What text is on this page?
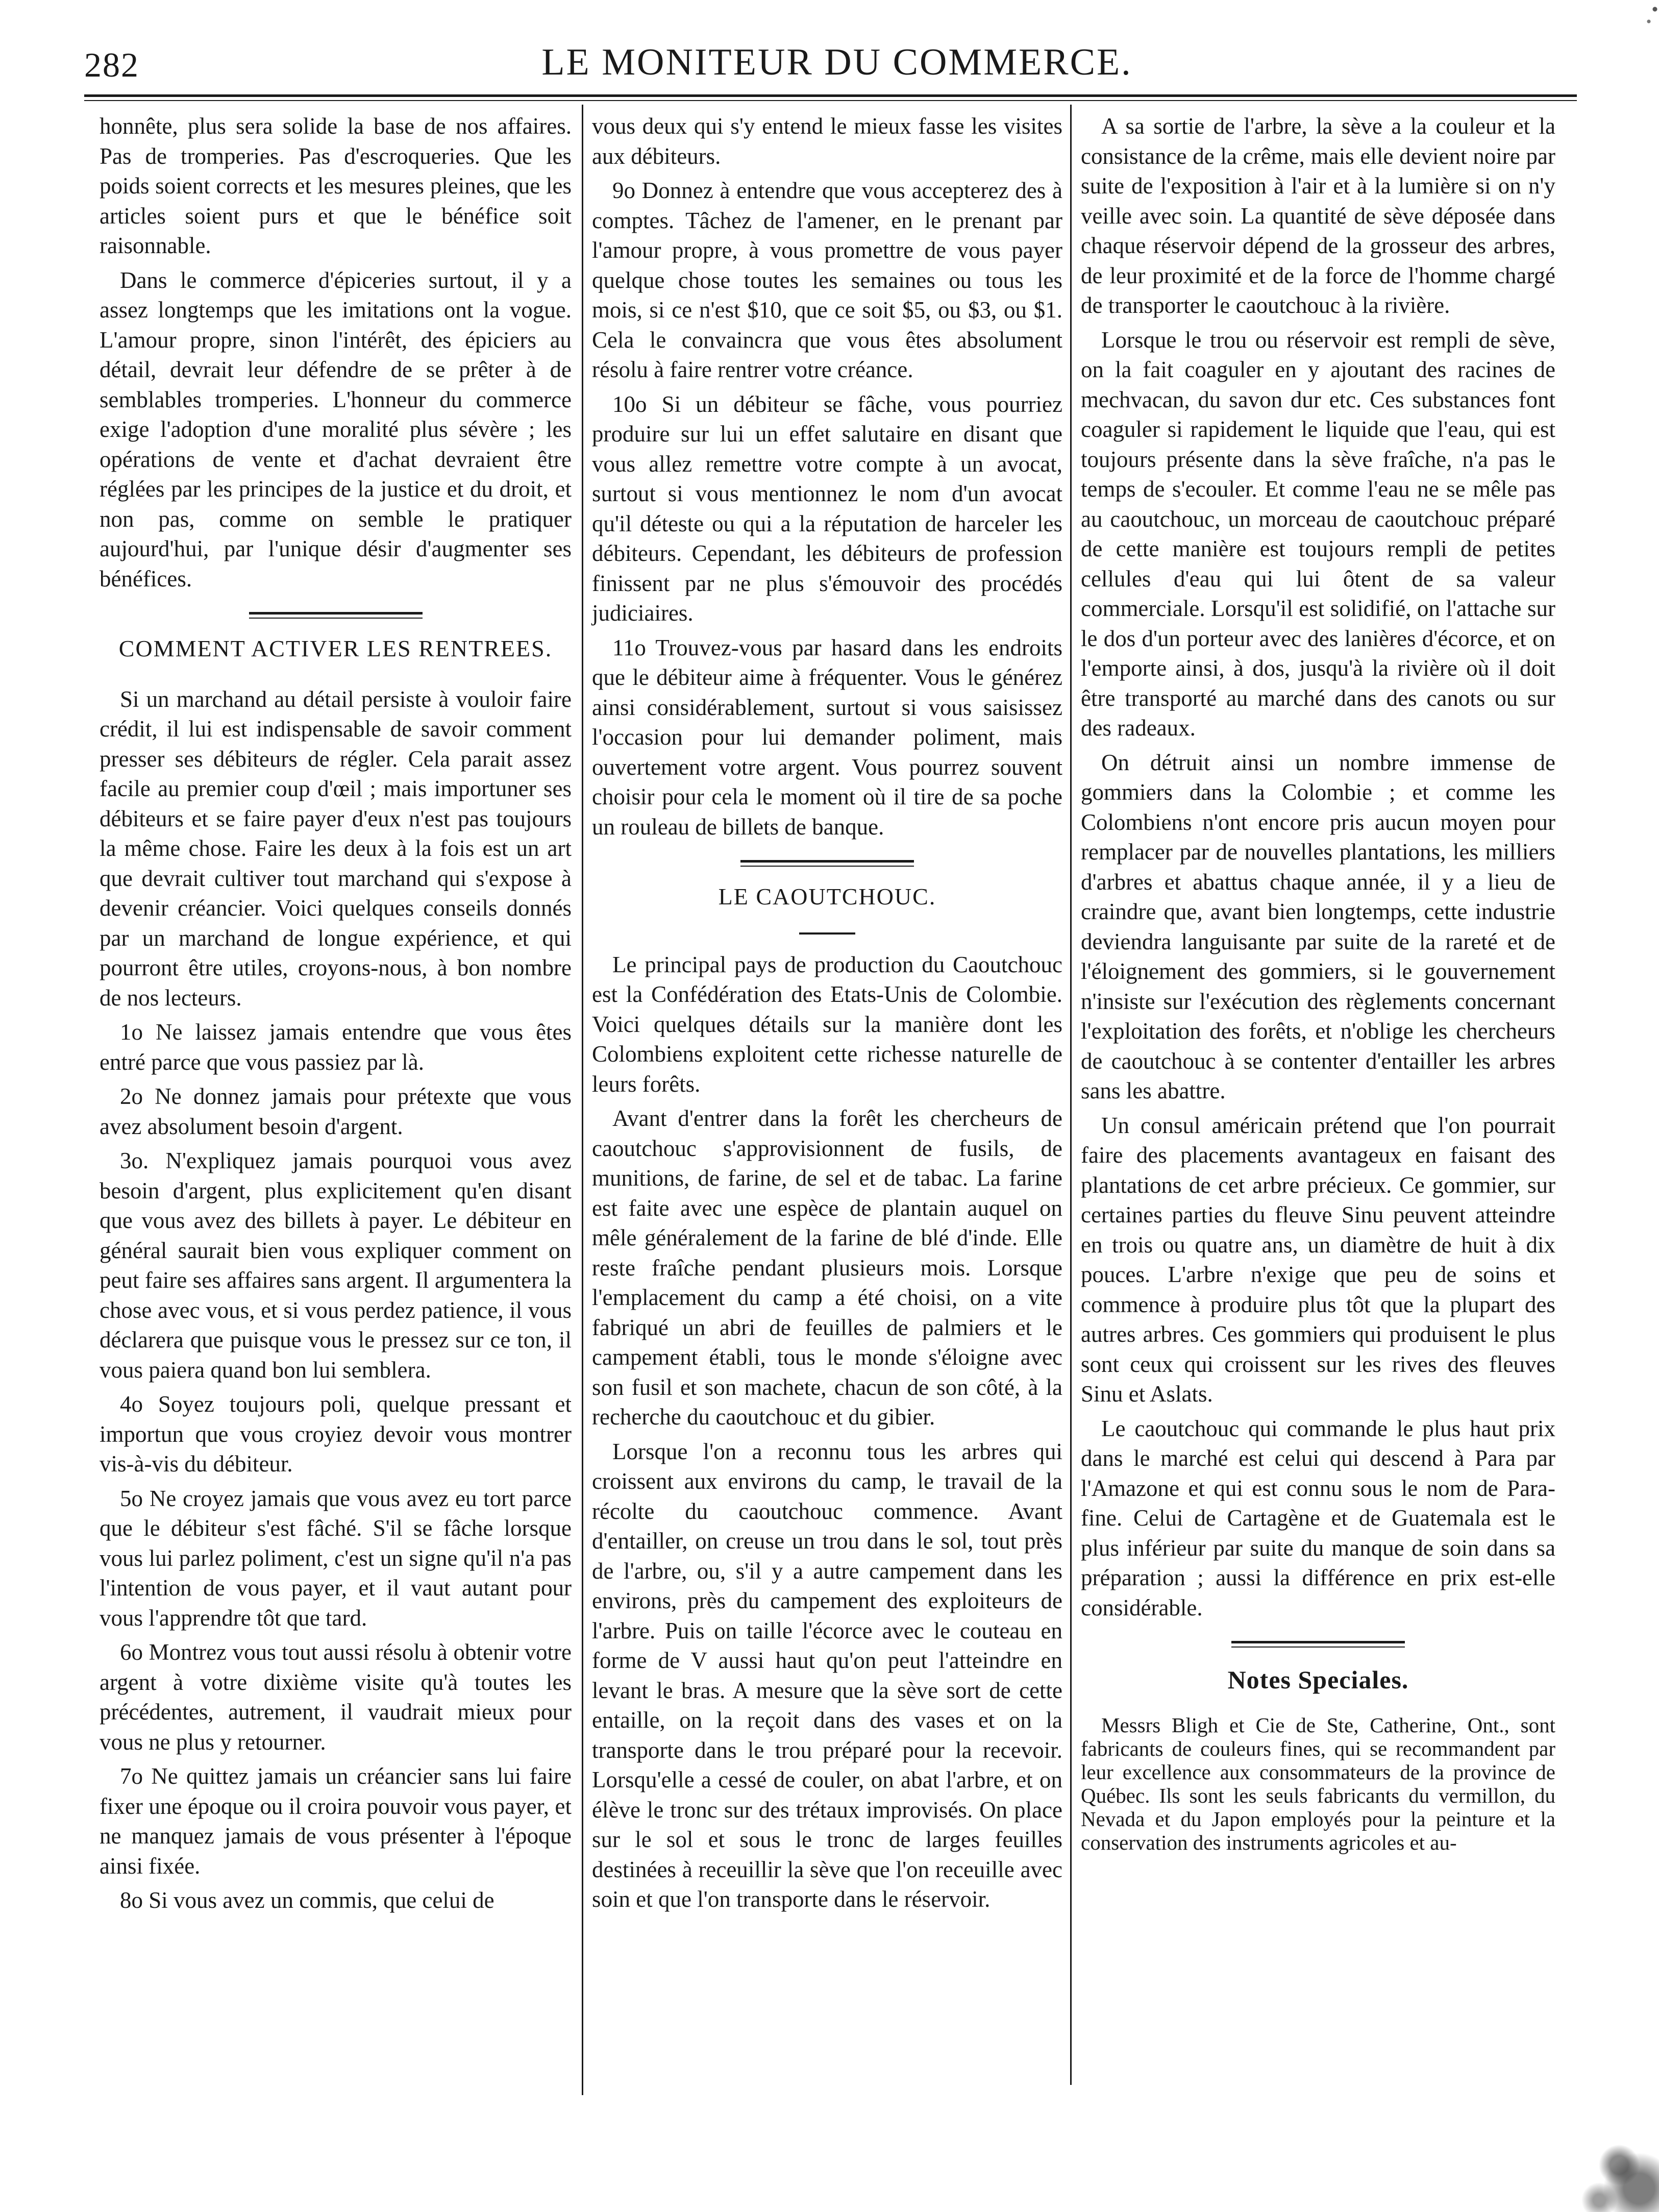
282	LE MONITEUR DU COMMERCE.

honnête, plus sera solide la base de nos affaires. Pas de tromperies. Pas d'escroqueries. Que les poids soient corrects et les mesures pleines, que les articles soient purs et que le bénéfice soit raisonnable.

Dans le commerce d'épiceries surtout, il y a assez longtemps que les imitations ont la vogue. L'amour propre, sinon l'intérêt, des épiciers au détail, devrait leur défendre de se prêter à de semblables tromperies. L'honneur du commerce exige l'adoption d'une moralité plus sévère ; les opérations de vente et d'achat devraient être réglées par les principes de la justice et du droit, et non pas, comme on semble le pratiquer aujourd'hui, par l'unique désir d'augmenter ses bénéfices.

COMMENT ACTIVER LES RENTREES.

Si un marchand au détail persiste à vouloir faire crédit, il lui est indispensable de savoir comment presser ses débiteurs de régler. Cela parait assez facile au premier coup d'œil ; mais importuner ses débiteurs et se faire payer d'eux n'est pas toujours la même chose. Faire les deux à la fois est un art que devrait cultiver tout marchand qui s'expose à devenir créancier. Voici quelques conseils donnés par un marchand de longue expérience, et qui pourront être utiles, croyons-nous, à bon nombre de nos lecteurs.

1o Ne laissez jamais entendre que vous êtes entré parce que vous passiez par là.

2o Ne donnez jamais pour prétexte que vous avez absolument besoin d'argent.

3o. N'expliquez jamais pourquoi vous avez besoin d'argent, plus explicitement qu'en disant que vous avez des billets à payer. Le débiteur en général saurait bien vous expliquer comment on peut faire ses affaires sans argent. Il argumentera la chose avec vous, et si vous perdez patience, il vous déclarera que puisque vous le pressez sur ce ton, il vous paiera quand bon lui semblera.

4o Soyez toujours poli, quelque pressant et importun que vous croyiez devoir vous montrer vis-à-vis du débiteur.

5o Ne croyez jamais que vous avez eu tort parce que le débiteur s'est fâché. S'il se fâche lorsque vous lui parlez poliment, c'est un signe qu'il n'a pas l'intention de vous payer, et il vaut autant pour vous l'apprendre tôt que tard.

6o Montrez vous tout aussi résolu à obtenir votre argent à votre dixième visite qu'à toutes les précédentes, autrement, il vaudrait mieux pour vous ne plus y retourner.

7o Ne quittez jamais un créancier sans lui faire fixer une époque ou il croira pouvoir vous payer, et ne manquez jamais de vous présenter à l'époque ainsi fixée.

8o Si vous avez un commis, que celui de

vous deux qui s'y entend le mieux fasse les visites aux débiteurs.

9o Donnez à entendre que vous accepterez des à comptes. Tâchez de l'amener, en le prenant par l'amour propre, à vous promettre de vous payer quelque chose toutes les semaines ou tous les mois, si ce n'est $10, que ce soit $5, ou $3, ou $1. Cela le convaincra que vous êtes absolument résolu à faire rentrer votre créance.

10o Si un débiteur se fâche, vous pourriez produire sur lui un effet salutaire en disant que vous allez remettre votre compte à un avocat, surtout si vous mentionnez le nom d'un avocat qu'il déteste ou qui a la réputation de harceler les débiteurs. Cependant, les débiteurs de profession finissent par ne plus s'émouvoir des procédés judiciaires.

11o Trouvez-vous par hasard dans les endroits que le débiteur aime à fréquenter. Vous le générez ainsi considérablement, surtout si vous saisissez l'occasion pour lui demander poliment, mais ouvertement votre argent. Vous pourrez souvent choisir pour cela le moment où il tire de sa poche un rouleau de billets de banque.

LE CAOUTCHOUC.

Le principal pays de production du Caoutchouc est la Confédération des Etats-Unis de Colombie. Voici quelques détails sur la manière dont les Colombiens exploitent cette richesse naturelle de leurs forêts.

Avant d'entrer dans la forêt les chercheurs de caoutchouc s'approvisionnent de fusils, de munitions, de farine, de sel et de tabac. La farine est faite avec une espèce de plantain auquel on mêle généralement de la farine de blé d'inde. Elle reste fraîche pendant plusieurs mois. Lorsque l'emplacement du camp a été choisi, on a vite fabriqué un abri de feuilles de palmiers et le campement établi, tous le monde s'éloigne avec son fusil et son machete, chacun de son côté, à la recherche du caoutchouc et du gibier.

Lorsque l'on a reconnu tous les arbres qui croissent aux environs du camp, le travail de la récolte du caoutchouc commence. Avant d'entailler, on creuse un trou dans le sol, tout près de l'arbre, ou, s'il y a autre campement dans les environs, près du campement des exploiteurs de l'arbre. Puis on taille l'écorce avec le couteau en forme de V aussi haut qu'on peut l'atteindre en levant le bras. A mesure que la sève sort de cette entaille, on la reçoit dans des vases et on la transporte dans le trou préparé pour la recevoir. Lorsqu'elle a cessé de couler, on abat l'arbre, et on élève le tronc sur des trétaux improvisés. On place sur le sol et sous le tronc de larges feuilles destinées à receuillir la sève que l'on receuille avec soin et que l'on transporte dans le réservoir.

A sa sortie de l'arbre, la sève a la couleur et la consistance de la crême, mais elle devient noire par suite de l'exposition à l'air et à la lumière si on n'y veille avec soin. La quantité de sève déposée dans chaque réservoir dépend de la grosseur des arbres, de leur proximité et de la force de l'homme chargé de transporter le caoutchouc à la rivière.

Lorsque le trou ou réservoir est rempli de sève, on la fait coaguler en y ajoutant des racines de mechvacan, du savon dur etc. Ces substances font coaguler si rapidement le liquide que l'eau, qui est toujours présente dans la sève fraîche, n'a pas le temps de s'ecouler. Et comme l'eau ne se mêle pas au caoutchouc, un morceau de caoutchouc préparé de cette manière est toujours rempli de petites cellules d'eau qui lui ôtent de sa valeur commerciale. Lorsqu'il est solidifié, on l'attache sur le dos d'un porteur avec des lanières d'écorce, et on l'emporte ainsi, à dos, jusqu'à la rivière où il doit être transporté au marché dans des canots ou sur des radeaux.

On détruit ainsi un nombre immense de gommiers dans la Colombie ; et comme les Colombiens n'ont encore pris aucun moyen pour remplacer par de nouvelles plantations, les milliers d'arbres et abattus chaque année, il y a lieu de craindre que, avant bien longtemps, cette industrie deviendra languisante par suite de la rareté et de l'éloignement des gommiers, si le gouvernement n'insiste sur l'exécution des règlements concernant l'exploitation des forêts, et n'oblige les chercheurs de caoutchouc à se contenter d'entailler les arbres sans les abattre.

Un consul américain prétend que l'on pourrait faire des placements avantageux en faisant des plantations de cet arbre précieux. Ce gommier, sur certaines parties du fleuve Sinu peuvent atteindre en trois ou quatre ans, un diamètre de huit à dix pouces. L'arbre n'exige que peu de soins et commence à produire plus tôt que la plupart des autres arbres. Ces gommiers qui produisent le plus sont ceux qui croissent sur les rives des fleuves Sinu et Aslats.

Le caoutchouc qui commande le plus haut prix dans le marché est celui qui descend à Para par l'Amazone et qui est connu sous le nom de Para-fine. Celui de Cartagène et de Guatemala est le plus inférieur par suite du manque de soin dans sa préparation ; aussi la différence en prix est-elle considérable.

Notes Speciales.

Messrs Bligh et Cie de Ste, Catherine, Ont., sont fabricants de couleurs fines, qui se recommandent par leur excellence aux consommateurs de la province de Québec. Ils sont les seuls fabricants du vermillon, du Nevada et du Japon employés pour la peinture et la conservation des instruments agricoles et au-
